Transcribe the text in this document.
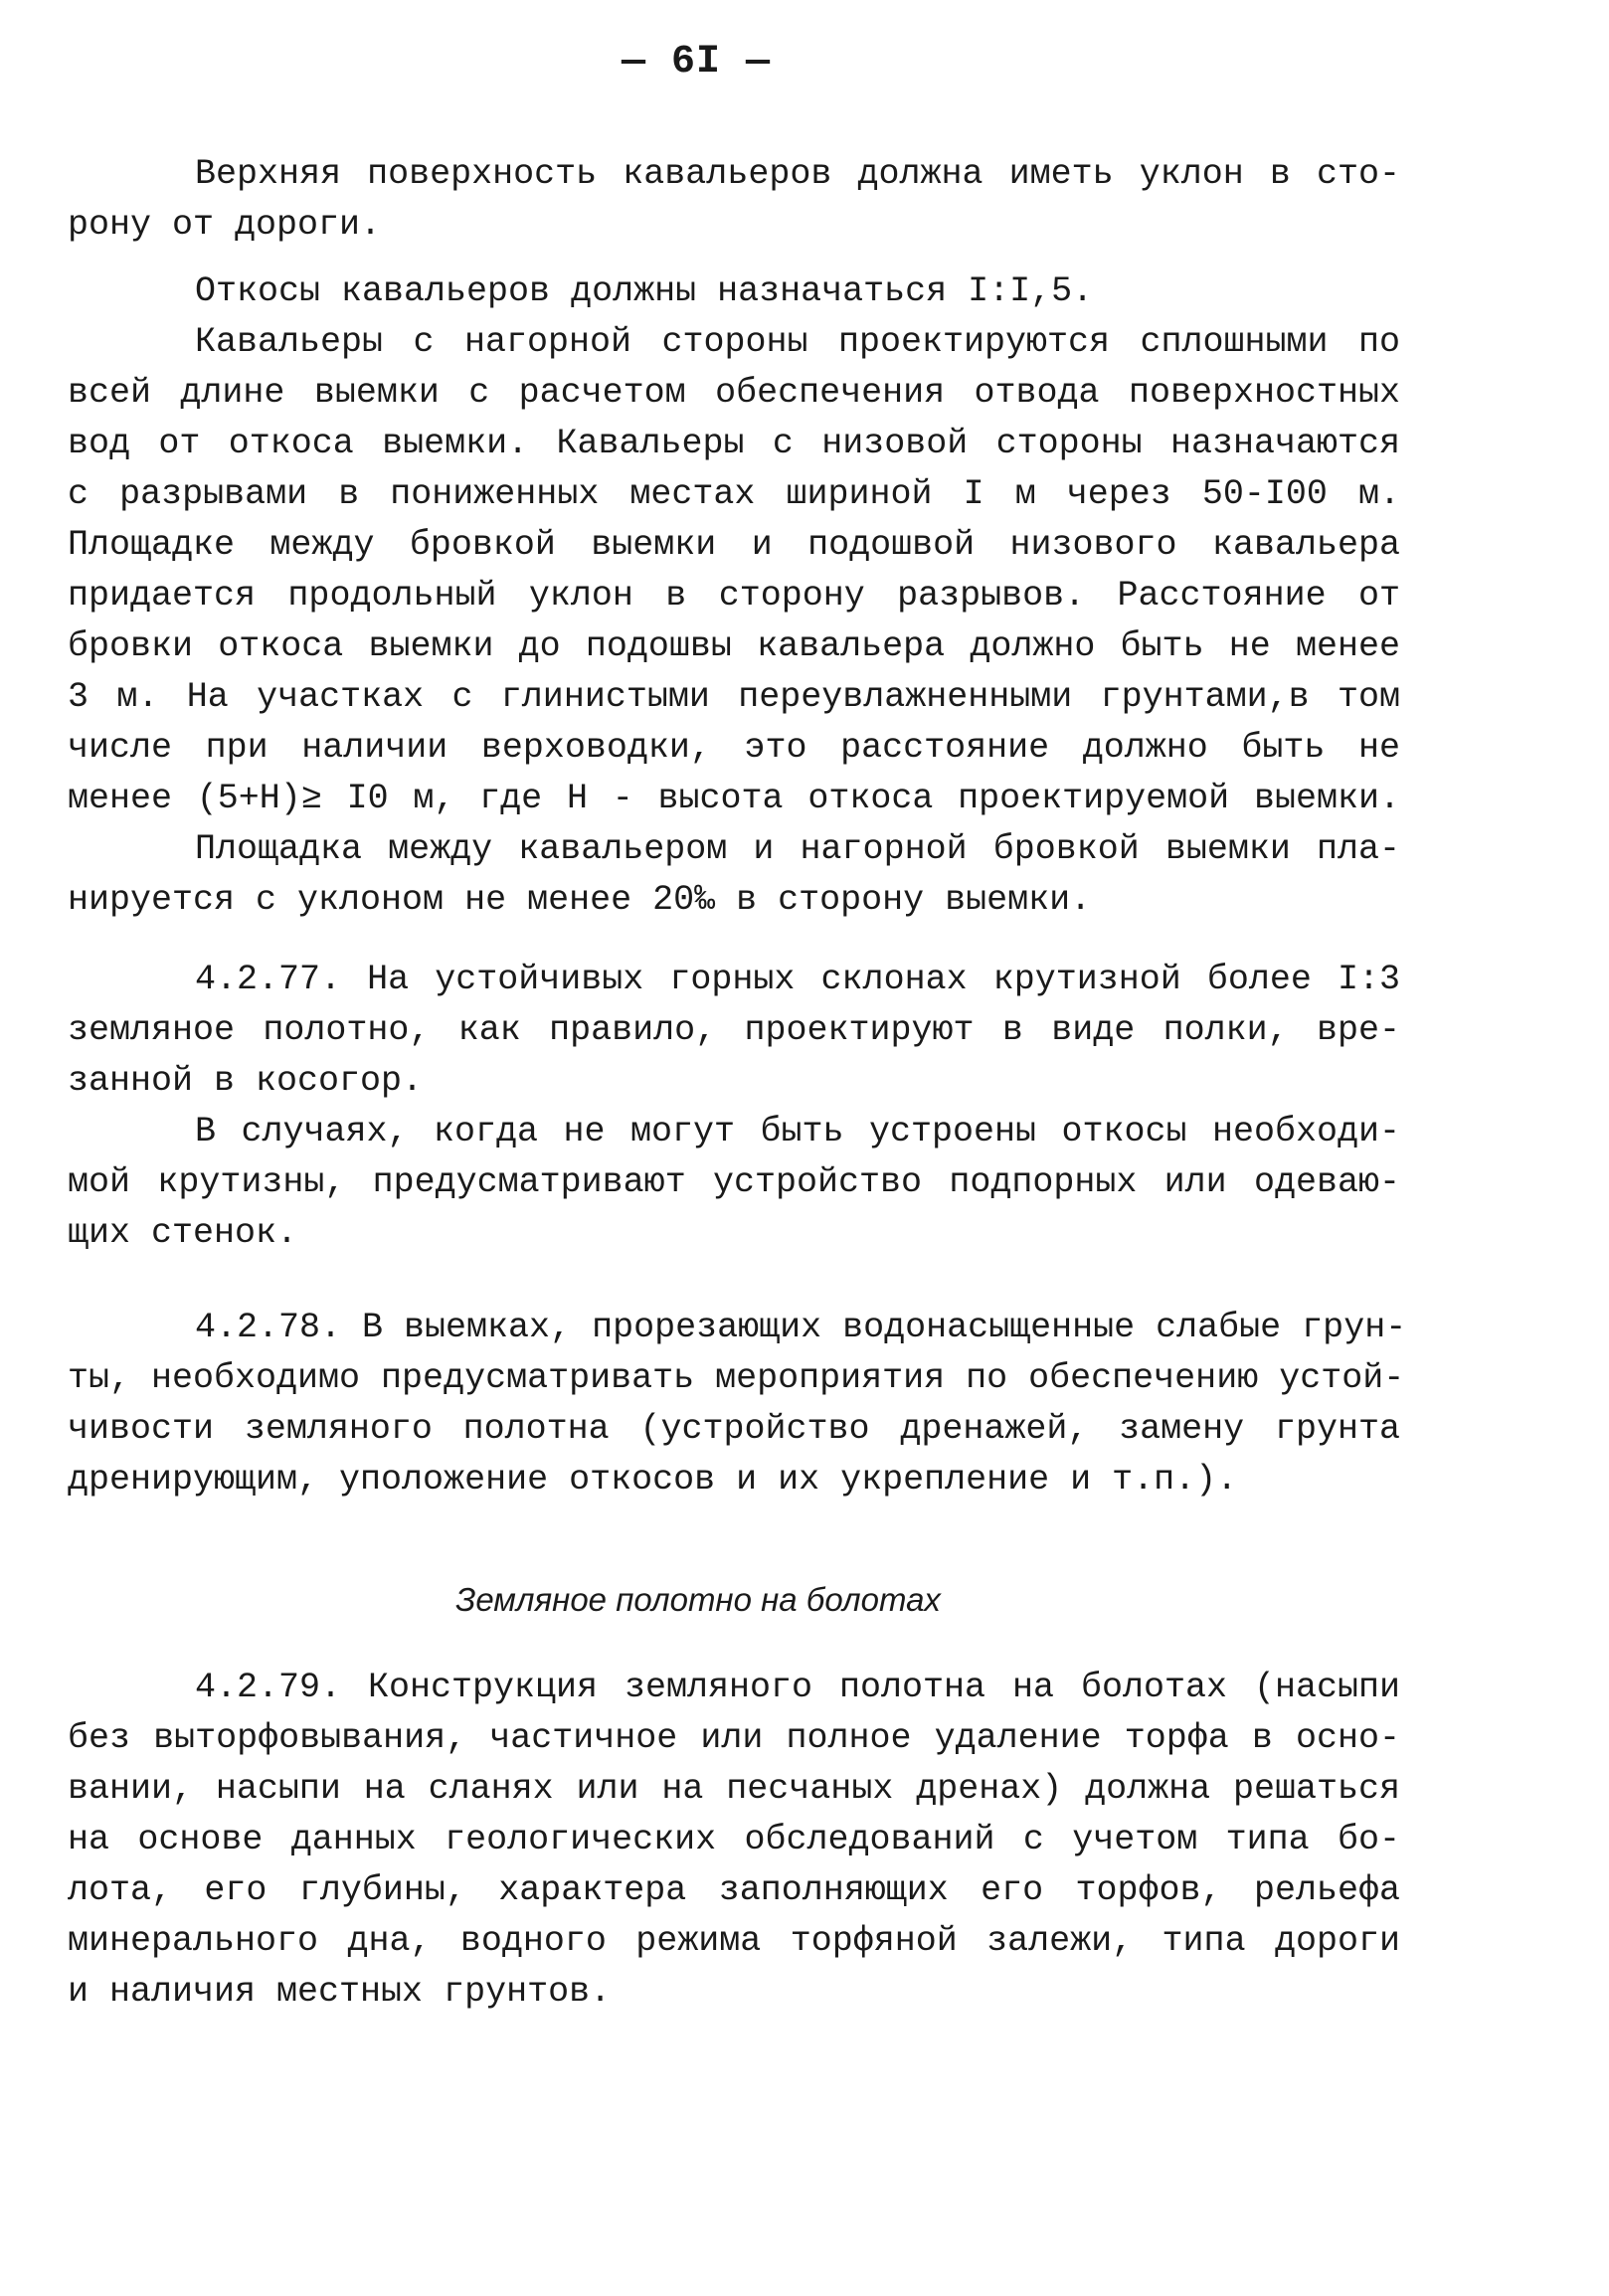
— 6I —
Верхняя поверхность кавальеров должна иметь уклон в сто-
рону от дороги.
Откосы кавальеров должны назначаться I:I,5.
Кавальеры с нагорной стороны проектируются сплошными по
всей длине выемки с расчетом обеспечения отвода поверхностных
вод от откоса выемки. Кавальеры с низовой стороны назначаются
с разрывами в пониженных местах шириной I м через 50-I00 м.
Площадке между бровкой выемки и подошвой низового кавальера
придается продольный уклон в сторону разрывов. Расстояние от
бровки откоса выемки до подошвы кавальера должно быть не менее
3 м. На участках с глинистыми переувлажненными грунтами,в том
числе при наличии верховодки, это расстояние должно быть не
менее (5+H)≥ I0 м, где H - высота откоса проектируемой выемки.
Площадка между кавальером и нагорной бровкой выемки пла-
нируется с уклоном не менее 20‰ в сторону выемки.
4.2.77. На устойчивых горных склонах крутизной более I:3
земляное полотно, как правило, проектируют в виде полки, вре-
занной в косогор.
В случаях, когда не могут быть устроены откосы необходи-
мой крутизны, предусматривают устройство подпорных или одеваю-
щих стенок.
4.2.78. В выемках, прорезающих водонасыщенные слабые грун-
ты, необходимо предусматривать мероприятия по обеспечению устой-
чивости земляного полотна (устройство дренажей, замену грунта
дренирующим, уположение откосов и их укрепление и т.п.).
Земляное полотно на болотах
4.2.79. Конструкция земляного полотна на болотах (насыпи
без выторфовывания, частичное или полное удаление торфа в осно-
вании, насыпи на сланях или на песчаных дренах) должна решаться
на основе данных геологических обследований с учетом типа бо-
лота, его глубины, характера заполняющих его торфов, рельефа
минерального дна, водного режима торфяной залежи, типа дороги
и наличия местных грунтов.
